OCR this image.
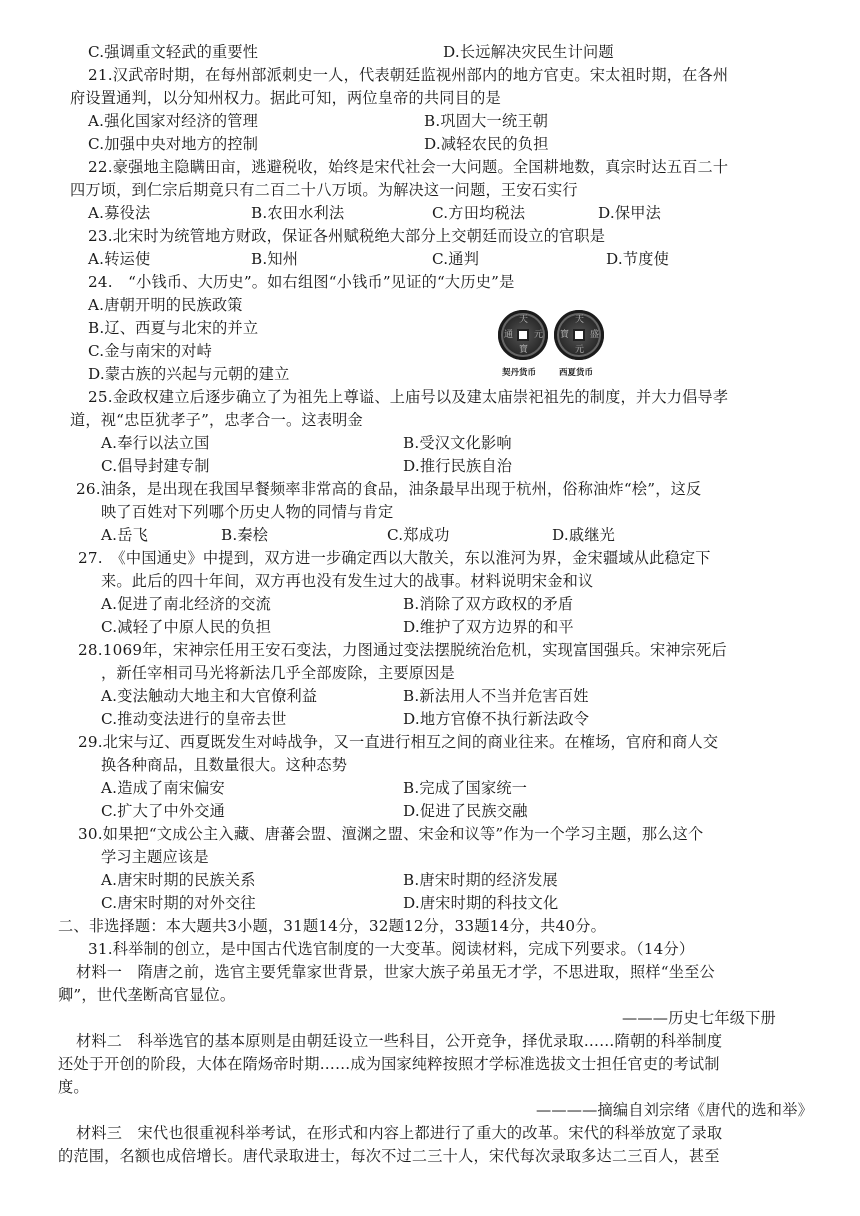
C.强调重文轻武的重要性	D.长远解决灾民生计问题
21.汉武帝时期，在每州部派刺史一人，代表朝廷监视州部内的地方官吏。宋太祖时期，在各州
府设置通判，以分知州权力。据此可知，两位皇帝的共同目的是
A.强化国家对经济的管理	B.巩固大一统王朝
C.加强中央对地方的控制	D.减轻农民的负担
22.豪强地主隐瞒田亩，逃避税收，始终是宋代社会一大问题。全国耕地数，真宗时达五百二十
四万顷，到仁宗后期竟只有二百二十八万顷。为解决这一问题，王安石实行
A.募役法	B.农田水利法	C.方田均税法	D.保甲法
23.北宋时为统管地方财政，保证各州赋税绝大部分上交朝廷而设立的官职是
A.转运使	B.知州	C.通判	D.节度使
24.　“小钱币、大历史”。如右组图“小钱币”见证的“大历史”是
A.唐朝开明的民族政策
B.辽、西夏与北宋的并立
C.金与南宋的对峙
D.蒙古族的兴起与元朝的建立
25.金政权建立后逐步确立了为祖先上尊谥、上庙号以及建太庙崇祀祖先的制度，并大力倡导孝
道，视“忠臣犹孝子”，忠孝合一。这表明金
A.奉行以法立国	B.受汉文化影响
C.倡导封建专制	D.推行民族自治
26.油条，是出现在我国早餐频率非常高的食品，油条最早出现于杭州，俗称油炸“桧”，这反
映了百姓对下列哪个历史人物的同情与肯定
A.岳飞	B.秦桧	C.郑成功	D.戚继光
27.　《中国通史》中提到，双方进一步确定西以大散关，东以淮河为界，金宋疆域从此稳定下
来。此后的四十年间，双方再也没有发生过大的战事。材料说明宋金和议
A.促进了南北经济的交流	B.消除了双方政权的矛盾
C.减轻了中原人民的负担	D.维护了双方边界的和平
28.1069年，宋神宗任用王安石变法，力图通过变法摆脱统治危机，实现富国强兵。宋神宗死后
，新任宰相司马光将新法几乎全部废除，主要原因是
A.变法触动大地主和大官僚利益	B.新法用人不当并危害百姓
C.推动变法进行的皇帝去世	D.地方官僚不执行新法政令
29.北宋与辽、西夏既发生对峙战争，又一直进行相互之间的商业往来。在榷场，官府和商人交
换各种商品，且数量很大。这种态势
A.造成了南宋偏安	B.完成了国家统一
C.扩大了中外交通	D.促进了民族交融
30.如果把“文成公主入藏、唐蕃会盟、澶渊之盟、宋金和议等”作为一个学习主题，那么这个
学习主题应该是
A.唐宋时期的民族关系	B.唐宋时期的经济发展
C.唐宋时期的对外交往	D.唐宋时期的科技文化
二、非选择题：本大题共3小题，31题14分，32题12分，33题14分，共40分。
31.科举制的创立，是中国古代选官制度的一大变革。阅读材料，完成下列要求。（14分）
材料一　隋唐之前，选官主要凭靠家世背景，世家大族子弟虽无才学，不思进取，照样“坐至公
卿”，世代垄断高官显位。
———历史七年级下册
材料二　科举选官的基本原则是由朝廷设立一些科目，公开竞争，择优录取……隋朝的科举制度
还处于开创的阶段，大体在隋炀帝时期……成为国家纯粹按照才学标准选拔文士担任官吏的考试制
度。
————摘编自刘宗绪《唐代的选和举》
材料三　宋代也很重视科举考试，在形式和内容上都进行了重大的改革。宋代的科举放宽了录取
的范围，名额也成倍增长。唐代录取进士，每次不过二三十人，宋代每次录取多达二三百人，甚至
天
元
寶
通
天
盛
元
寶
契丹货币	西夏货币
